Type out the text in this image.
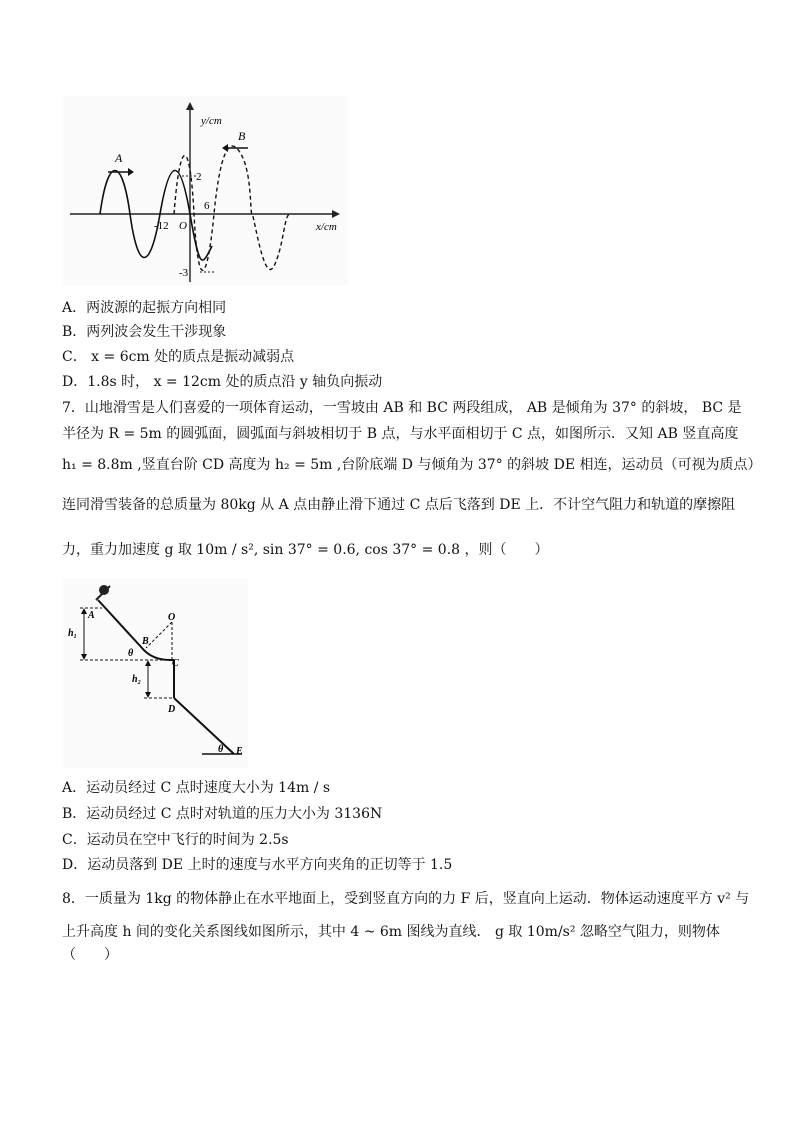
A
B
y/cm
x/cm
O
2
6
-12
-3
A．两波源的起振方向相同
B．两列波会发生干涉现象
C． x = 6cm 处的质点是振动减弱点
D．1.8s 时， x = 12cm 处的质点沿 y 轴负向振动
7．山地滑雪是人们喜爱的一项体育运动，一雪坡由 AB 和 BC 两段组成， AB 是倾角为 37° 的斜坡， BC 是
半径为 R = 5m 的圆弧面，圆弧面与斜坡相切于 B 点，与水平面相切于 C 点，如图所示．又知 AB 竖直高度
h₁ = 8.8m ,竖直台阶 CD 高度为 h₂ = 5m ,台阶底端 D 与倾角为 37° 的斜坡 DE 相连，运动员（可视为质点）
连同滑雪装备的总质量为 80kg 从 A 点由静止滑下通过 C 点后飞落到 DE 上．不计空气阻力和轨道的摩擦阻
力，重力加速度 g 取 10m / s², sin 37° = 0.6, cos 37° = 0.8 ，则（　　）
A
B
C
D
E
O
h₁
h₂
θ
θ
A．运动员经过 C 点时速度大小为 14m / s
B．运动员经过 C 点时对轨道的压力大小为 3136N
C．运动员在空中飞行的时间为 2.5s
D．运动员落到 DE 上时的速度与水平方向夹角的正切等于 1.5
8．一质量为 1kg 的物体静止在水平地面上，受到竖直方向的力 F 后，竖直向上运动．物体运动速度平方 v² 与
上升高度 h 间的变化关系图线如图所示，其中 4 ~ 6m 图线为直线． g 取 10m/s² 忽略空气阻力，则物体
（　　）
